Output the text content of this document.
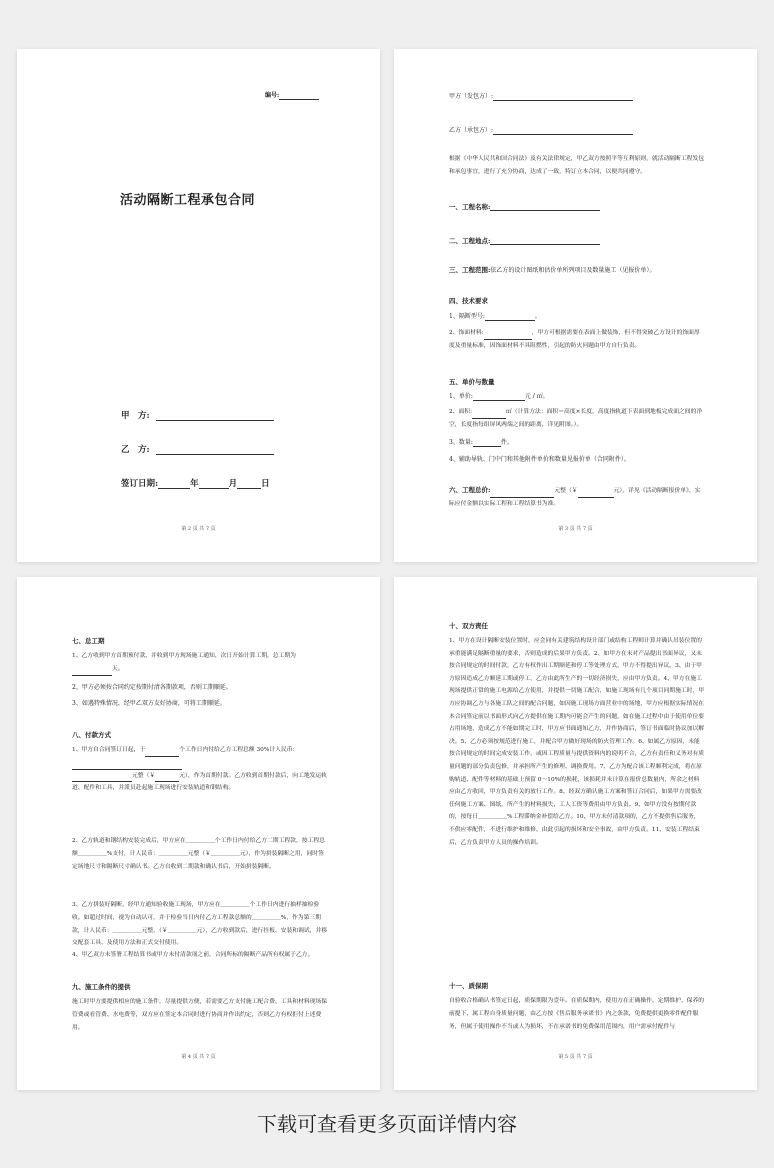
编号:
活动隔断工程承包合同
甲　方:
乙　方:
签订日期:	年	月	日
第 2 页 共 7 页
甲方（发包方）:
乙方（承包方）:
根据《中华人民共和国合同法》及有关法律规定，甲乙双方按照平等互利原则，就活动隔断工程发包和承包事宜，进行了充分协商，达成了一致，特订立本合同，以便共同遵守。
一、工程名称:
二、工程地点:
三、工程范围:依乙方的设计图纸和估价单所列项目及数量施工（见报价单）。
四、技术要求
1、隔断型号:	。
2、饰面材料:	，甲方可根据需要在表面上做装饰，但不得突破乙方设计的饰面厚度及重量标准，因饰面材料不具阻燃性，引起的防火问题由甲方自行负责。
五、单价与数量
1、单价:	元 / ㎡。
2、面积:	㎡（计算方法：面积＝高度×长度，高度指轨道下表面到地板完成面之间的净空，长度指每组屏风两端之间的距离，详见附图。）。
3、数量:	件。
4、辅助导轨、门中门和其他附件单价和数量见报价单（合同附件）。
六、工程总价:	元整（￥	元），详见《活动隔断报价单》，实际应付金额以实际工程和工程结算书为准。
第 3 页 共 7 页
七、总工期
1、乙方收到甲方首期预付款，并收到甲方现场施工通知，次日开始计算工期，总工期为
天。
2、甲方必须按合同约定按期付清各期款项，否则工期顺延。
3、如遇特殊情况，经甲乙双方友好协商，可将工期顺延。
八、付款方式
1、甲方自合同签订日起，于	个工作日内付给乙方工程总额 30%计人民币:

元整（￥	元），作为首期付款。乙方收到首期付款后，向工地发运轨道、配件和工具，并派员赴起施工现场进行安装轨道和钢结构。
2、乙方轨道和钢结构安装完成后，甲方应在＿＿＿＿＿个工作日内付给乙方二期工程款，按工程总额＿＿＿＿＿%支付，计人民币：＿＿＿＿＿元整（￥＿＿＿＿＿元），作为拼装隔断之用，同时签定场地尺寸和隔断尺寸确认书。乙方自收到二期款和确认书后，开始拼装隔断。
3、乙方拼装好隔断，经甲方通知验收施工现场，甲方应在＿＿＿＿＿个工作日内进行抽样抽检验收。如超过时间，视为自动认可，并于检验当日内付乙方工程款总额的＿＿＿＿＿%，作为第三期款，计人民币：＿＿＿＿＿元整，（￥＿＿＿＿＿元），乙方收到款后，进行挂板、安装和调试，并移交配套工具、及使用方法和正式交付使用。
4、甲乙双方未签署工程结算书或甲方未付清款项之前，合同所标的隔断产品所有权属于乙方。
九、施工条件的提供
施工时甲方要提供相应的施工条件，尽量提供方便，若需要乙方支付施工配合费、工具和材料现场保管费或看管费、水电费等，双方应在签定本合同时进行协商并作出约定，否则乙方有权拒付上述费用。
第 4 页 共 7 页
十、双方责任
1、甲方在设计隔断安装位置时，应会同有关建筑结构设计部门或结构工程师计算并确认吊装位置的承重能满足隔断重量的要求，否则造成的后果甲方负责。2、如甲方在未对产品提出书面异议，又未按合同规定的时间付款，乙方有权作出工期顺延和停工等处理方式，甲方不得提出异议。3、由于甲方原因造成乙方顺延工期或停工，乙方由此所生产的一切经济损失，应由甲方负责。4、甲方在施工现场提供正常的施工电源给乙方使用，并提供一切施工配合，如施工现场有几个项目同期施工时，甲方应协调乙方与各施工队之间的配合问题，如因施工现场方面营业中的场地，甲方应根据实际情况在本合同签定前以书面形式向乙方提供在施工期内可能会产生的问题，如在施工过程中由于使用单位要占用场地，造成乙方不能如期完工时，甲方应书面通知乙方，并作协商后，签订书面临时协议加以解决。5、乙方必须按规范进行施工，并配合甲方做好现场的防火管理工作。6、如属乙方原因，未能按合同规定的时间完成安装工作，或因工程质量与提供资料内的说明不合，乙方有责任和义务对有质量问题的部分负责包修，并承担所产生的修理、调换费用。7、乙方为配合该工程顺利完成，将在原购轨道、配件等材料的基础上预留 0～10%的损耗，该损耗并未计算在报价总数量内，所余之材料应由乙方收回，甲方负责有关的放行工作。8、经双方确认施工方案和签订合同后，如果甲方需要改任何施工方案、图纸，所产生的材料损失、工人工资等费用由甲方负责。9、如甲方没有按期付款的，按每日＿＿＿＿＿%工程滞纳金补偿给乙方。10、甲方未付清款项的，乙方不提供售后服务，不供应零配件，不进行维护和维修，由此引起的损坏和安全事故，由甲方负责。11、安装工程结束后，乙方负责甲方人员的操作培训。
十一、质保期
自验收合格确认书签定日起，质保期限为壹年。在质保期内，使用方在正确操作、定期维护、保养的前提下，属工程自身质量问题，由乙方按《售后服务承诺书》内之条款，免费提供更换零件配件服务，但属于使用操作不当或人为损坏，不在承诺书的免费保用范围内，用户需承付配件与
第 5 页 共 7 页
下载可查看更多页面详情内容
